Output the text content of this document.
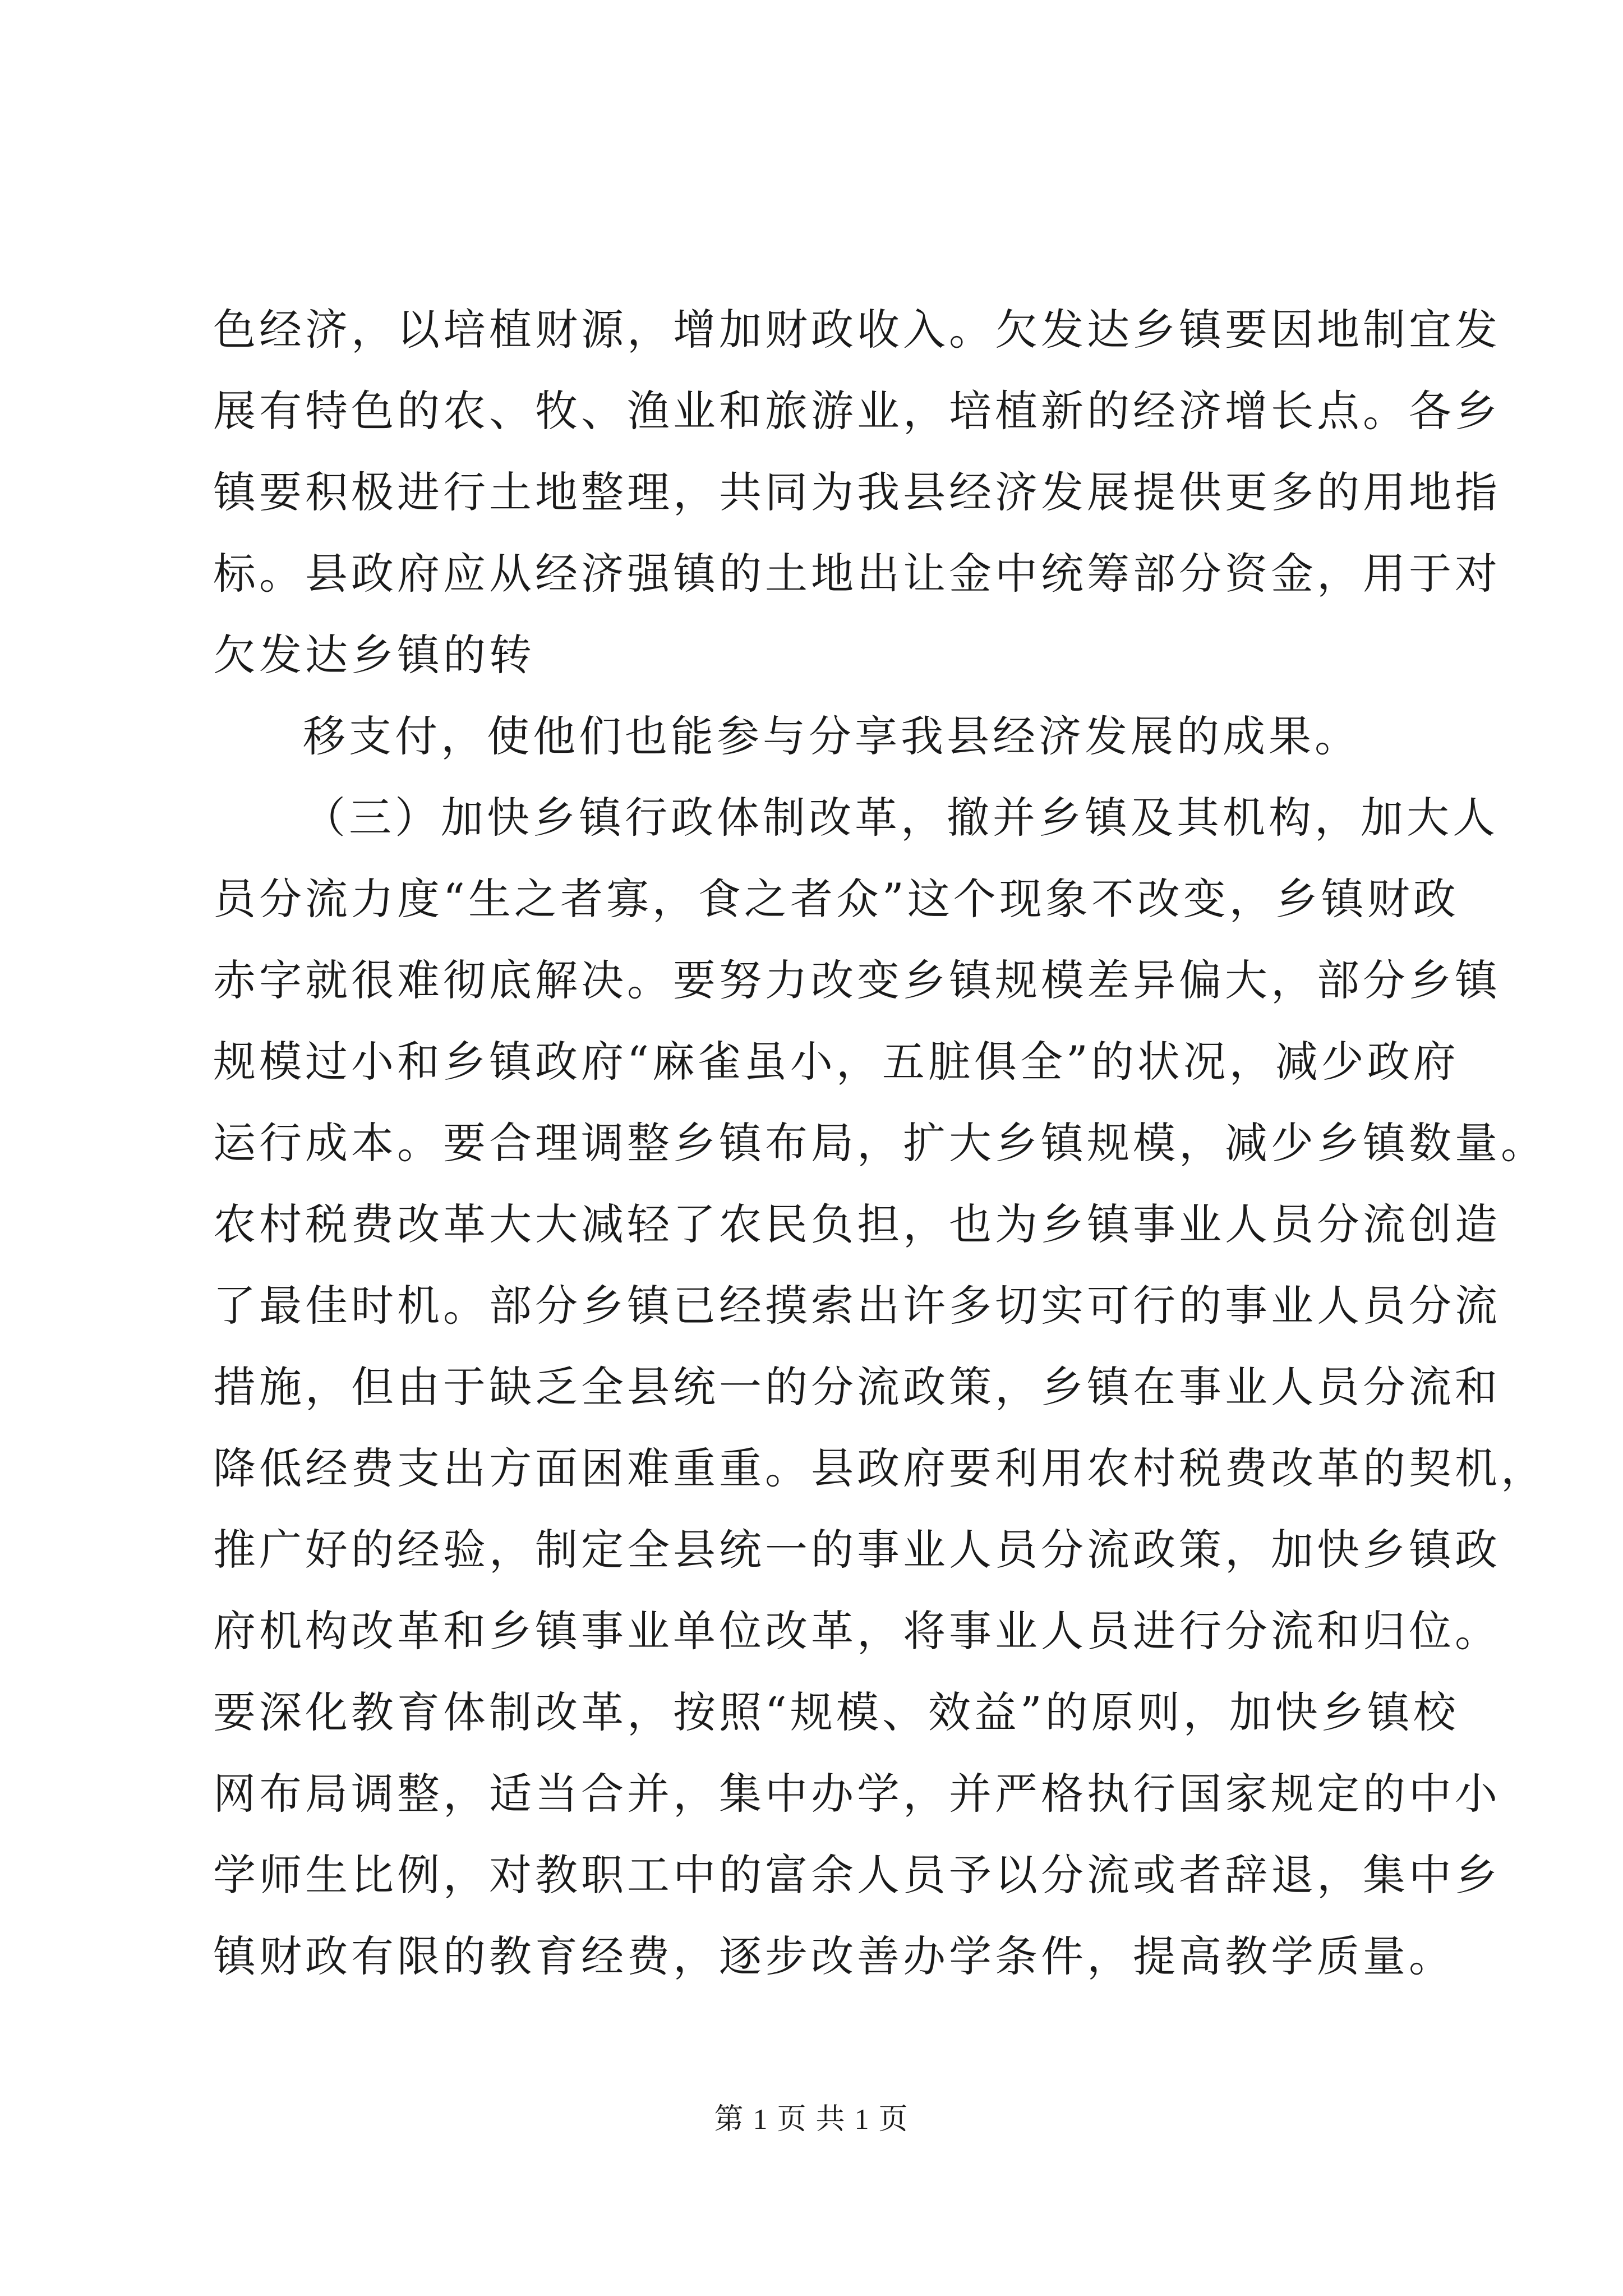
色经济，以培植财源，增加财政收入。欠发达乡镇要因地制宜发
展有特色的农、牧、渔业和旅游业，培植新的经济增长点。各乡
镇要积极进行土地整理，共同为我县经济发展提供更多的用地指
标。县政府应从经济强镇的土地出让金中统筹部分资金，用于对
欠发达乡镇的转
移支付，使他们也能参与分享我县经济发展的成果。
（三）加快乡镇行政体制改革，撤并乡镇及其机构，加大人
员分流力度“生之者寡，食之者众”这个现象不改变，乡镇财政
赤字就很难彻底解决。要努力改变乡镇规模差异偏大，部分乡镇
规模过小和乡镇政府“麻雀虽小，五脏俱全”的状况，减少政府
运行成本。要合理调整乡镇布局，扩大乡镇规模，减少乡镇数量。
农村税费改革大大减轻了农民负担，也为乡镇事业人员分流创造
了最佳时机。部分乡镇已经摸索出许多切实可行的事业人员分流
措施，但由于缺乏全县统一的分流政策，乡镇在事业人员分流和
降低经费支出方面困难重重。县政府要利用农村税费改革的契机，
推广好的经验，制定全县统一的事业人员分流政策，加快乡镇政
府机构改革和乡镇事业单位改革，将事业人员进行分流和归位。
要深化教育体制改革，按照“规模、效益”的原则，加快乡镇校
网布局调整，适当合并，集中办学，并严格执行国家规定的中小
学师生比例，对教职工中的富余人员予以分流或者辞退，集中乡
镇财政有限的教育经费，逐步改善办学条件，提高教学质量。
第 1 页 共 1 页
